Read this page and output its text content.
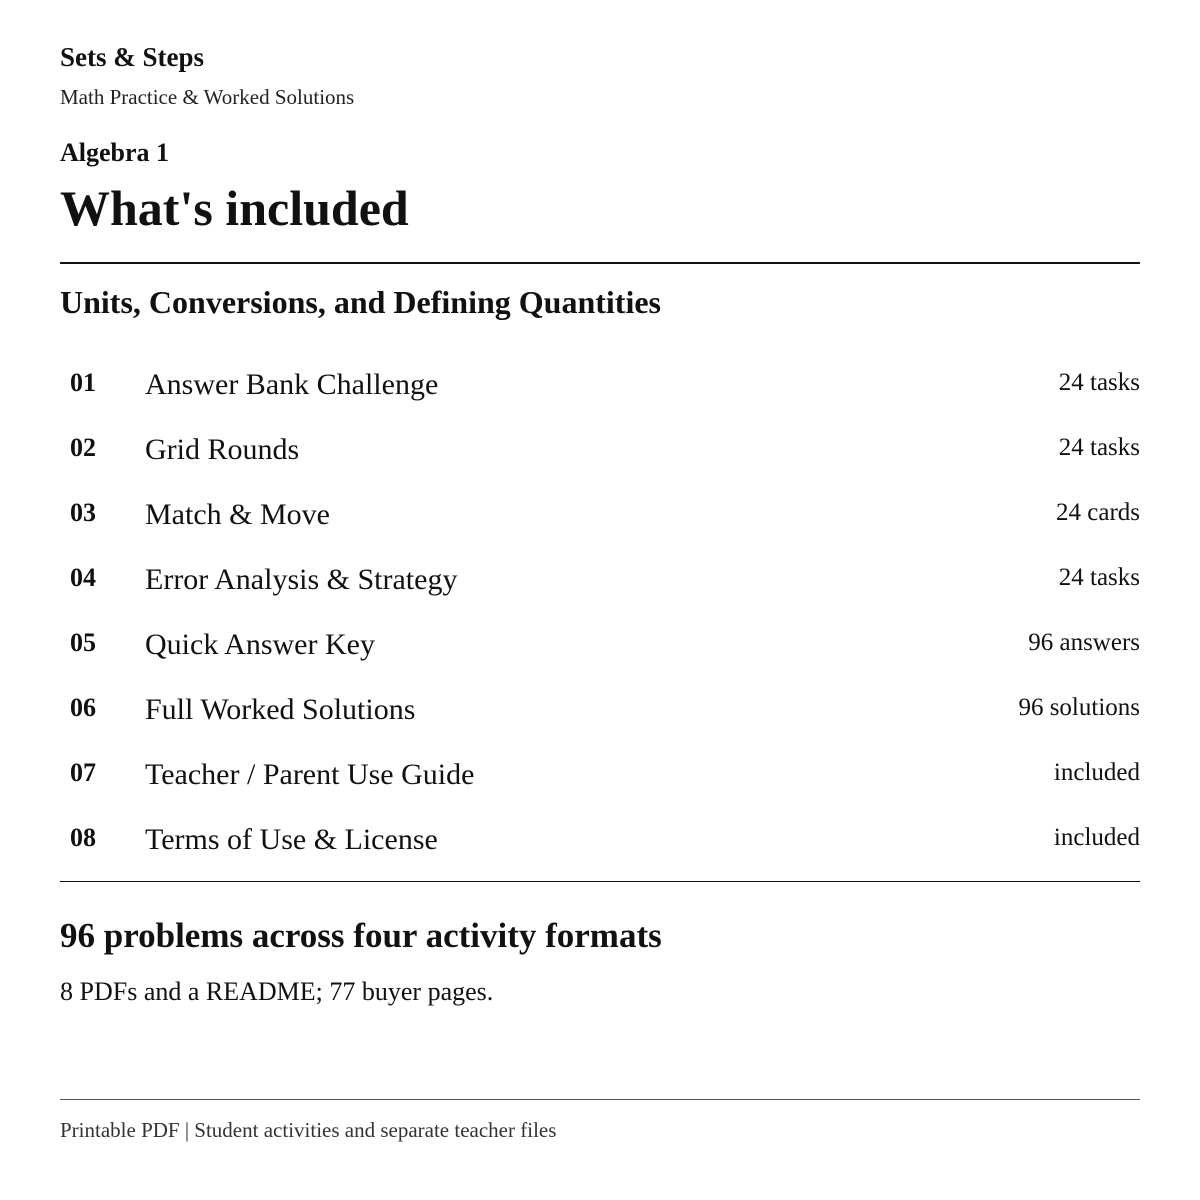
Sets & Steps
Math Practice & Worked Solutions
Algebra 1
What's included
Units, Conversions, and Defining Quantities
01 Answer Bank Challenge	24 tasks
02 Grid Rounds	24 tasks
03 Match & Move	24 cards
04 Error Analysis & Strategy	24 tasks
05 Quick Answer Key	96 answers
06 Full Worked Solutions	96 solutions
07 Teacher / Parent Use Guide	included
08 Terms of Use & License	included
96 problems across four activity formats
8 PDFs and a README; 77 buyer pages.
Printable PDF | Student activities and separate teacher files
